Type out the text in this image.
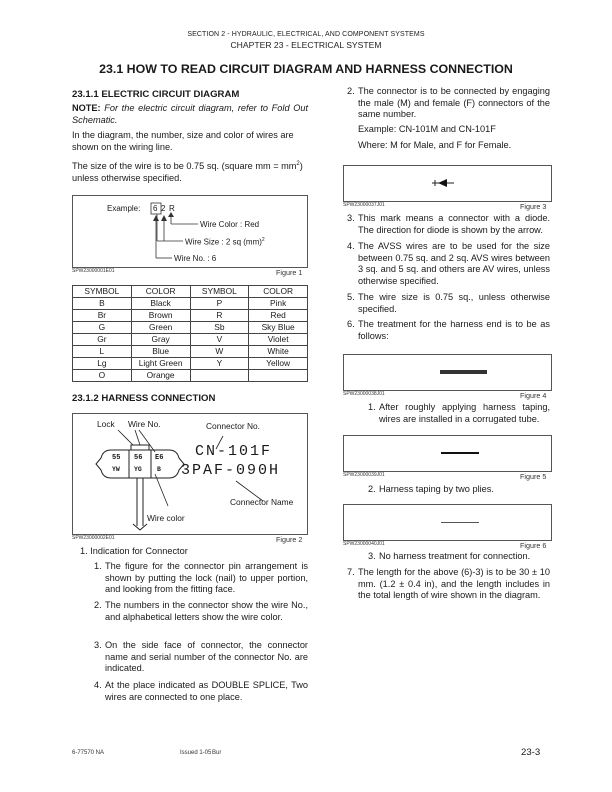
SECTION 2 - HYDRAULIC, ELECTRICAL, AND COMPONENT SYSTEMS
CHAPTER 23 - ELECTRICAL SYSTEM
23.1 HOW TO READ CIRCUIT DIAGRAM AND HARNESS CONNECTION
23.1.1 ELECTRIC CIRCUIT DIAGRAM
NOTE: For the electric circuit diagram, refer to Fold Out Schematic.
In the diagram, the number, size and color of wires are shown on the wiring line.
The size of the wire is to be 0.75 sq. (square mm = $mm^2$) unless otherwise specified.
Example: 6 2 R
Wire Color : Red
Wire Size : 2 sq (mm)$^2$
Wire No. : 6
SPW23000001E01	Figure 1
SYMBOL	COLOR	SYMBOL	COLOR
B	Black	P	Pink
Br	Brown	R	Red
G	Green	Sb	Sky Blue
Gr	Gray	V	Violet
L	Blue	W	White
Lg	Light Green	Y	Yellow
O	Orange		
23.1.2 HARNESS CONNECTION
Lock Wire No.	Connector No.
CN-101F
3PAF-090H
Connector Name
Wire color
55 56 E6
YW YG B
SPW23000002E01	Figure 2
1. Indication for Connector
1. The figure for the connector pin arrangement is shown by putting the lock (nail) to upper portion, and looking from the fitting face.
2. The numbers in the connector show the wire No., and alphabetical letters show the wire color.
3. On the side face of connector, the connector name and serial number of the connector No. are indicated.
4. At the place indicated as DOUBLE SPLICE, Two wires are connected to one place.
2. The connector is to be connected by engaging the male (M) and female (F) connectors of the same number.
Example: CN-101M and CN-101F
Where: M for Male, and F for Female.
SPW23000037J01	Figure 3
3. This mark means a connector with a diode. The direction for diode is shown by the arrow.
4. The AVSS wires are to be used for the size between 0.75 sq. and 2 sq. AVS wires between 3 sq. and 5 sq. and others are AV wires, unless otherwise specified.
5. The wire size is 0.75 sq., unless otherwise specified.
6. The treatment for the harness end is to be as follows:
SPW23000038J01	Figure 4
1. After roughly applying harness taping, wires are installed in a corrugated tube.
SPW23000039J01	Figure 5
2. Harness taping by two plies.
SPW23000040J01	Figure 6
3. No harness treatment for connection.
7. The length for the above (6)-3) is to be 30 ± 10 mm. (1.2 ± 0.4 in), and the length includes in the total length of wire shown in the diagram.
6-77570 NA	Issued 1-05 Bur	23-3
